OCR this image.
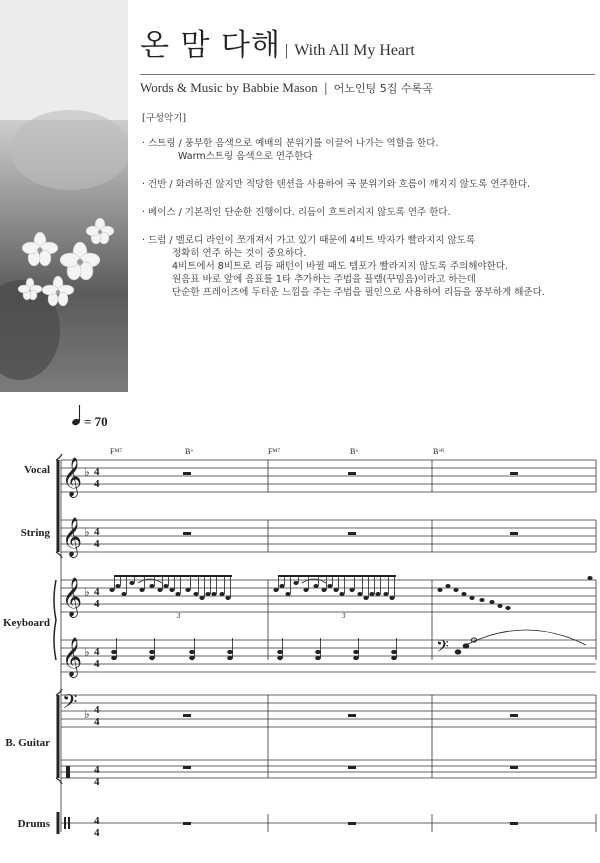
온 맘 다해 | With All My Heart
Words & Music by Babbie Mason | 어노인팅 5집 수록곡
[구성악기]
· 스트링 / 풍부한 음색으로 예배의 분위기를 이끌어 나가는 역할을 한다.
Warm스트링 음색으로 연주한다
· 건반 / 화려하진 않지만 적당한 텐션을 사용하여 곡 분위기와 흐름이 깨지지 않도록 연주한다.
· 베이스 / 기본적인 단순한 진행이다. 리듬이 흐트러지지 않도록 연주 한다.
· 드럼 / 멜로디 라인이 쪼개져서 가고 있기 때문에 4비트 박자가 빨라지지 않도록
정확히 연주 하는 것이 중요하다.
4비트에서 8비트로 리듬 패턴이 바뀔 때도 템포가 빨라지지 않도록 주의해야한다.
원음표 바로 앞에 음표를 1타 추가하는 주법을 플램(꾸밈음)이라고 하는데
단순한 프레이즈에 두터운 느낌을 주는 주법을 필인으로 사용하여 리듬을 풍부하게 해준다.
= 70
$F^{M7}$	B♭	$F^{M7}$	B♭	$B^{♭6}$
Vocal
String
Keyboard
B. Guitar
Drums
𝄞
𝄞
𝄞
𝄞
𝄢
𝄢
♭
♭
♭
♭
♭
4
4
4
4
4
4
4
4
4
4
4
4
4
4
3	3
